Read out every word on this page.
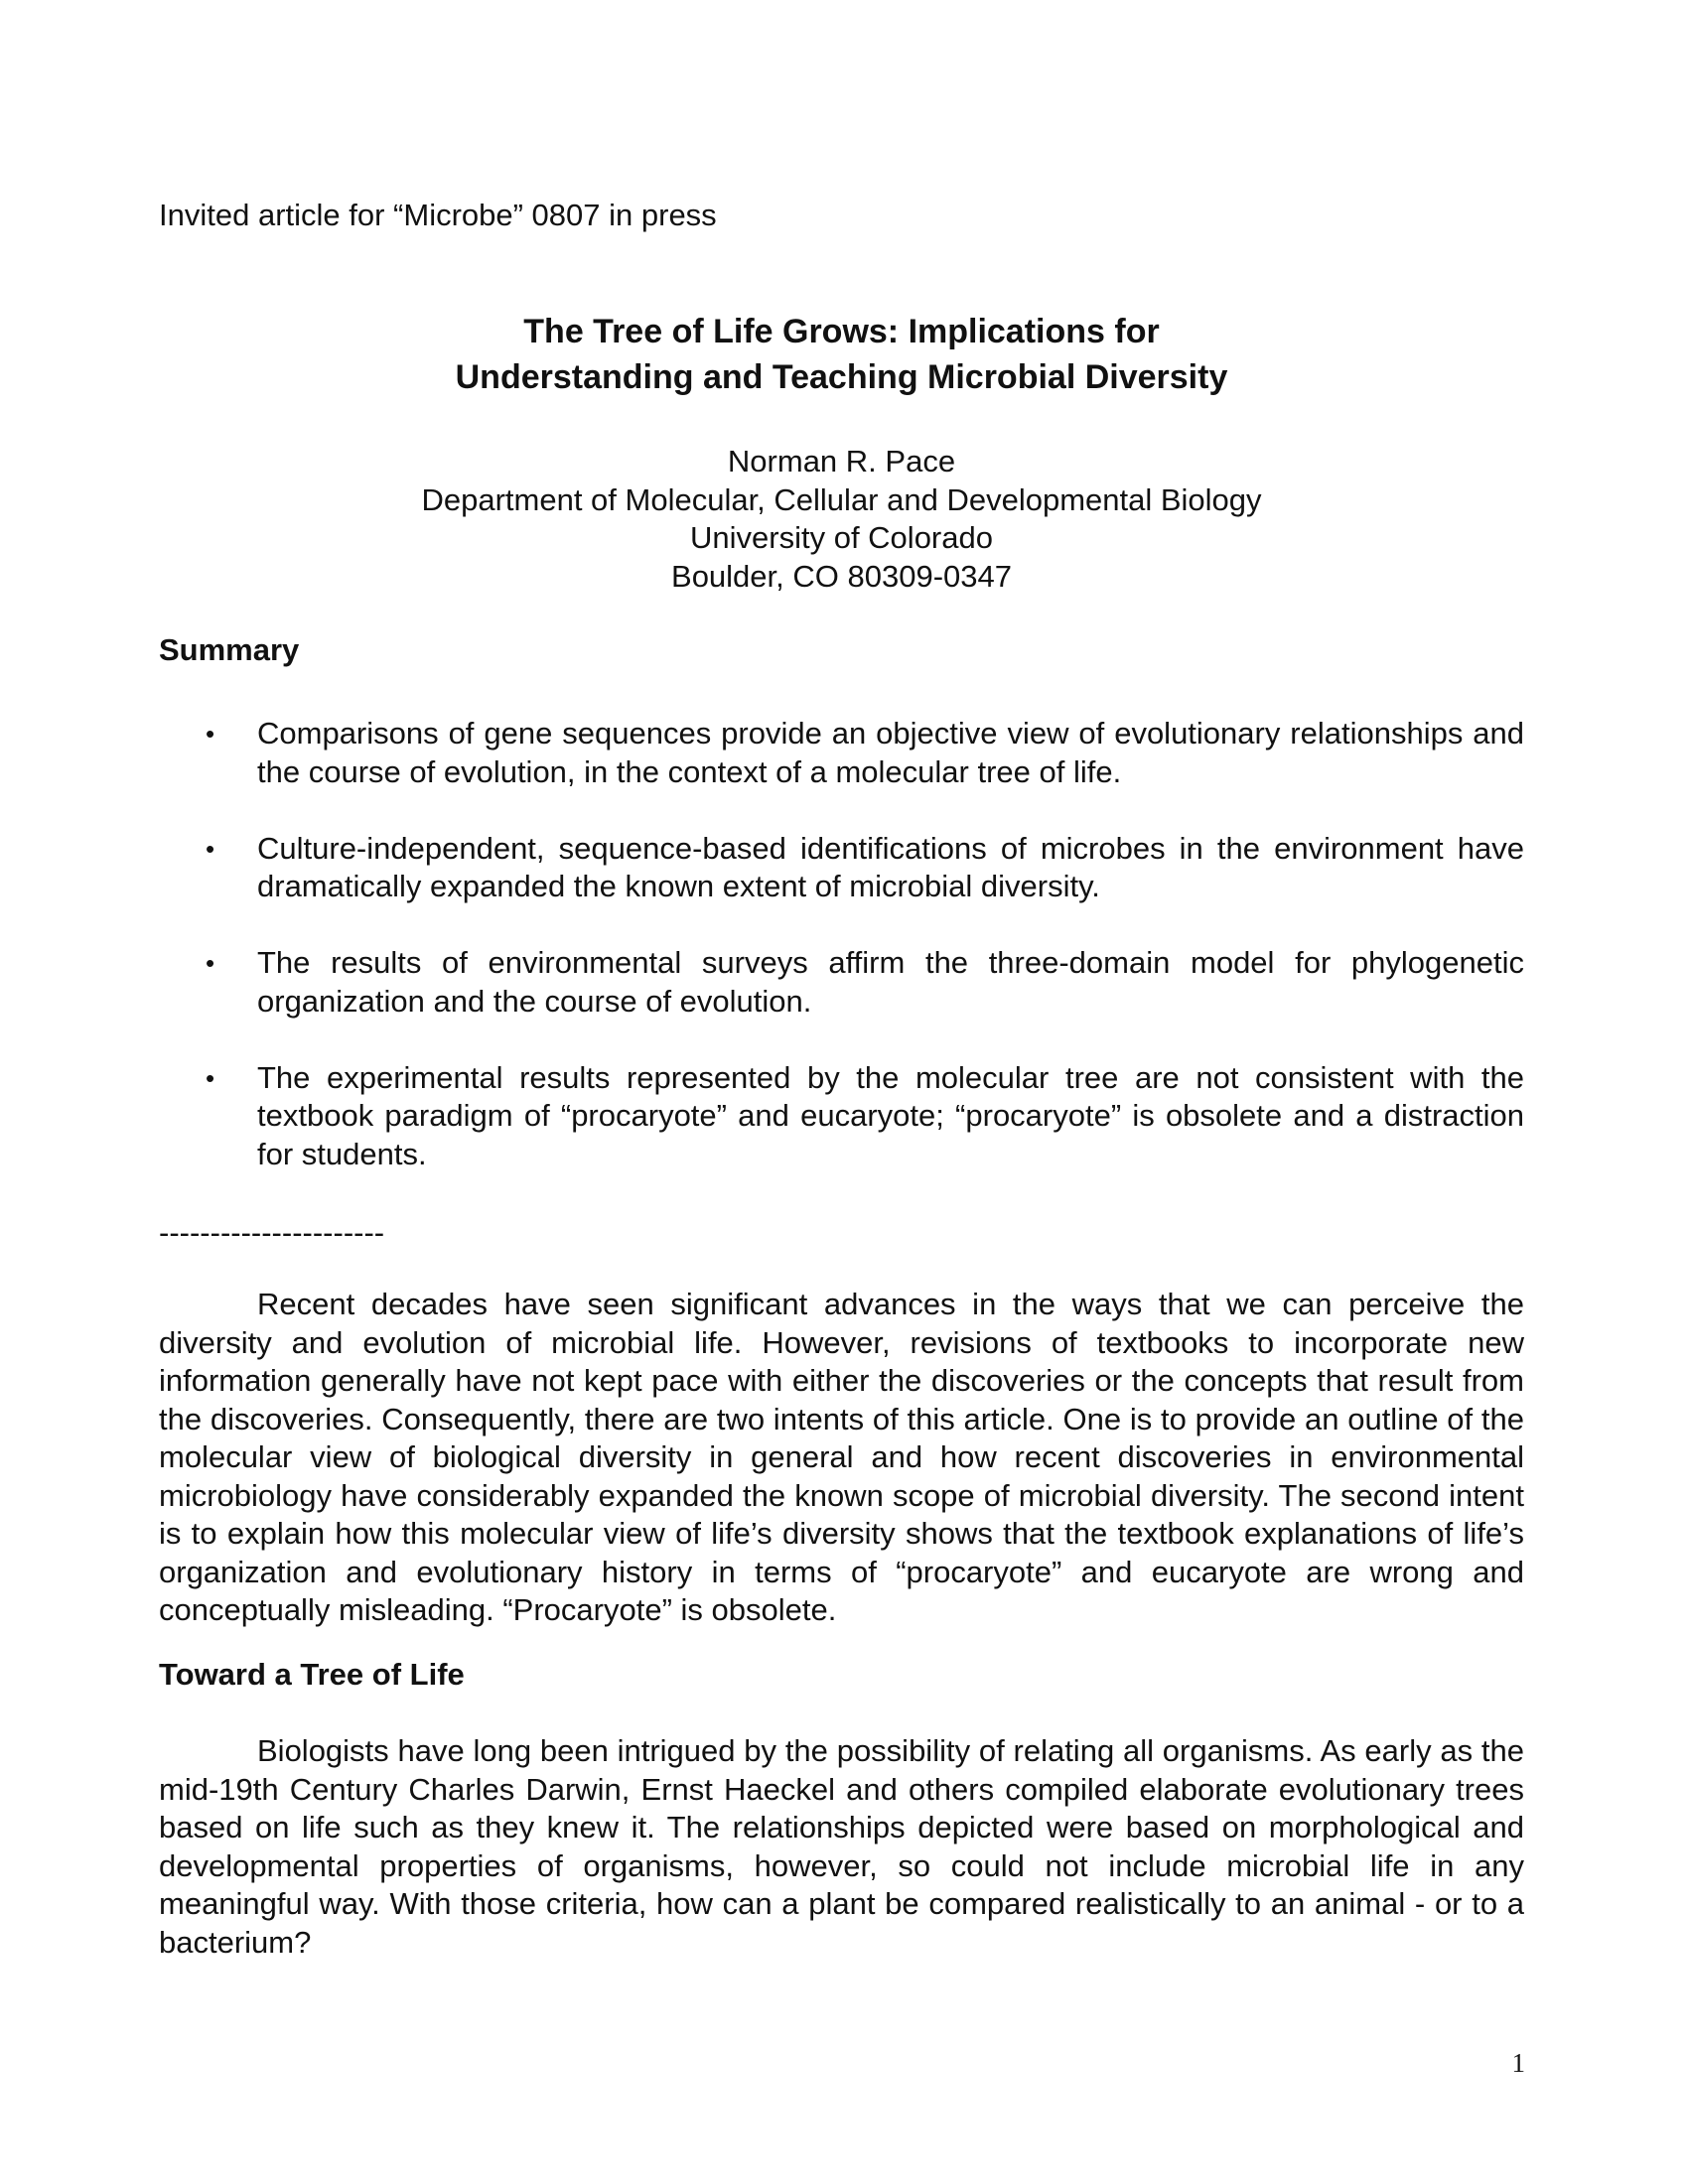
Invited article for “Microbe” 0807 in press
The Tree of Life Grows: Implications for
Understanding and Teaching Microbial Diversity
Norman R. Pace
Department of Molecular, Cellular and Developmental Biology
University of Colorado
Boulder, CO 80309-0347
Summary
• Comparisons of gene sequences provide an objective view of evolutionary relationships and the course of evolution, in the context of a molecular tree of life.
• Culture-independent, sequence-based identifications of microbes in the environment have dramatically expanded the known extent of microbial diversity.
• The results of environmental surveys affirm the three-domain model for phylogenetic organization and the course of evolution.
• The experimental results represented by the molecular tree are not consistent with the textbook paradigm of “procaryote” and eucaryote; “procaryote” is obsolete and a distraction for students.
----------------------

Recent decades have seen significant advances in the ways that we can perceive the diversity and evolution of microbial life. However, revisions of textbooks to incorporate new information generally have not kept pace with either the discoveries or the concepts that result from the discoveries. Consequently, there are two intents of this article. One is to provide an outline of the molecular view of biological diversity in general and how recent discoveries in environmental microbiology have considerably expanded the known scope of microbial diversity. The second intent is to explain how this molecular view of life’s diversity shows that the textbook explanations of life’s organization and evolutionary history in terms of “procaryote” and eucaryote are wrong and conceptually misleading. “Procaryote” is obsolete.

Toward a Tree of Life

Biologists have long been intrigued by the possibility of relating all organisms. As early as the mid-19th Century Charles Darwin, Ernst Haeckel and others compiled elaborate evolutionary trees based on life such as they knew it. The relationships depicted were based on morphological and developmental properties of organisms, however, so could not include microbial life in any meaningful way. With those criteria, how can a plant be compared realistically to an animal - or to a bacterium?

1
